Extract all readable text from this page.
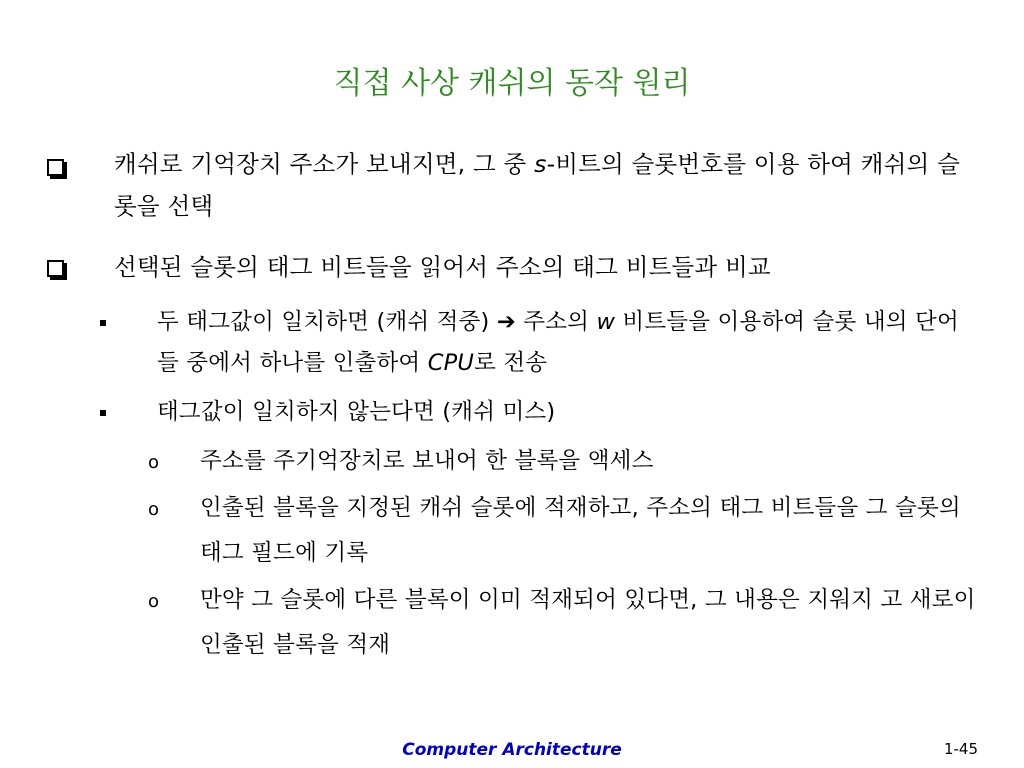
직접 사상 캐쉬의 동작 원리
캐쉬로 기억장치 주소가 보내지면, 그 중 s-비트의 슬롯번호를 이용 하여 캐쉬의 슬롯을 선택
선택된 슬롯의 태그 비트들을 읽어서 주소의 태그 비트들과 비교
두 태그값이 일치하면 (캐쉬 적중) ➔ 주소의 w 비트들을 이용하여 슬롯 내의 단어들 중에서 하나를 인출하여 CPU로 전송
태그값이 일치하지 않는다면 (캐쉬 미스)
o 주소를 주기억장치로 보내어 한 블록을 액세스
o 인출된 블록을 지정된 캐쉬 슬롯에 적재하고, 주소의 태그 비트들을 그 슬롯의 태그 필드에 기록
o 만약 그 슬롯에 다른 블록이 이미 적재되어 있다면, 그 내용은 지워지 고 새로이 인출된 블록을 적재
Computer Architecture	1-45
